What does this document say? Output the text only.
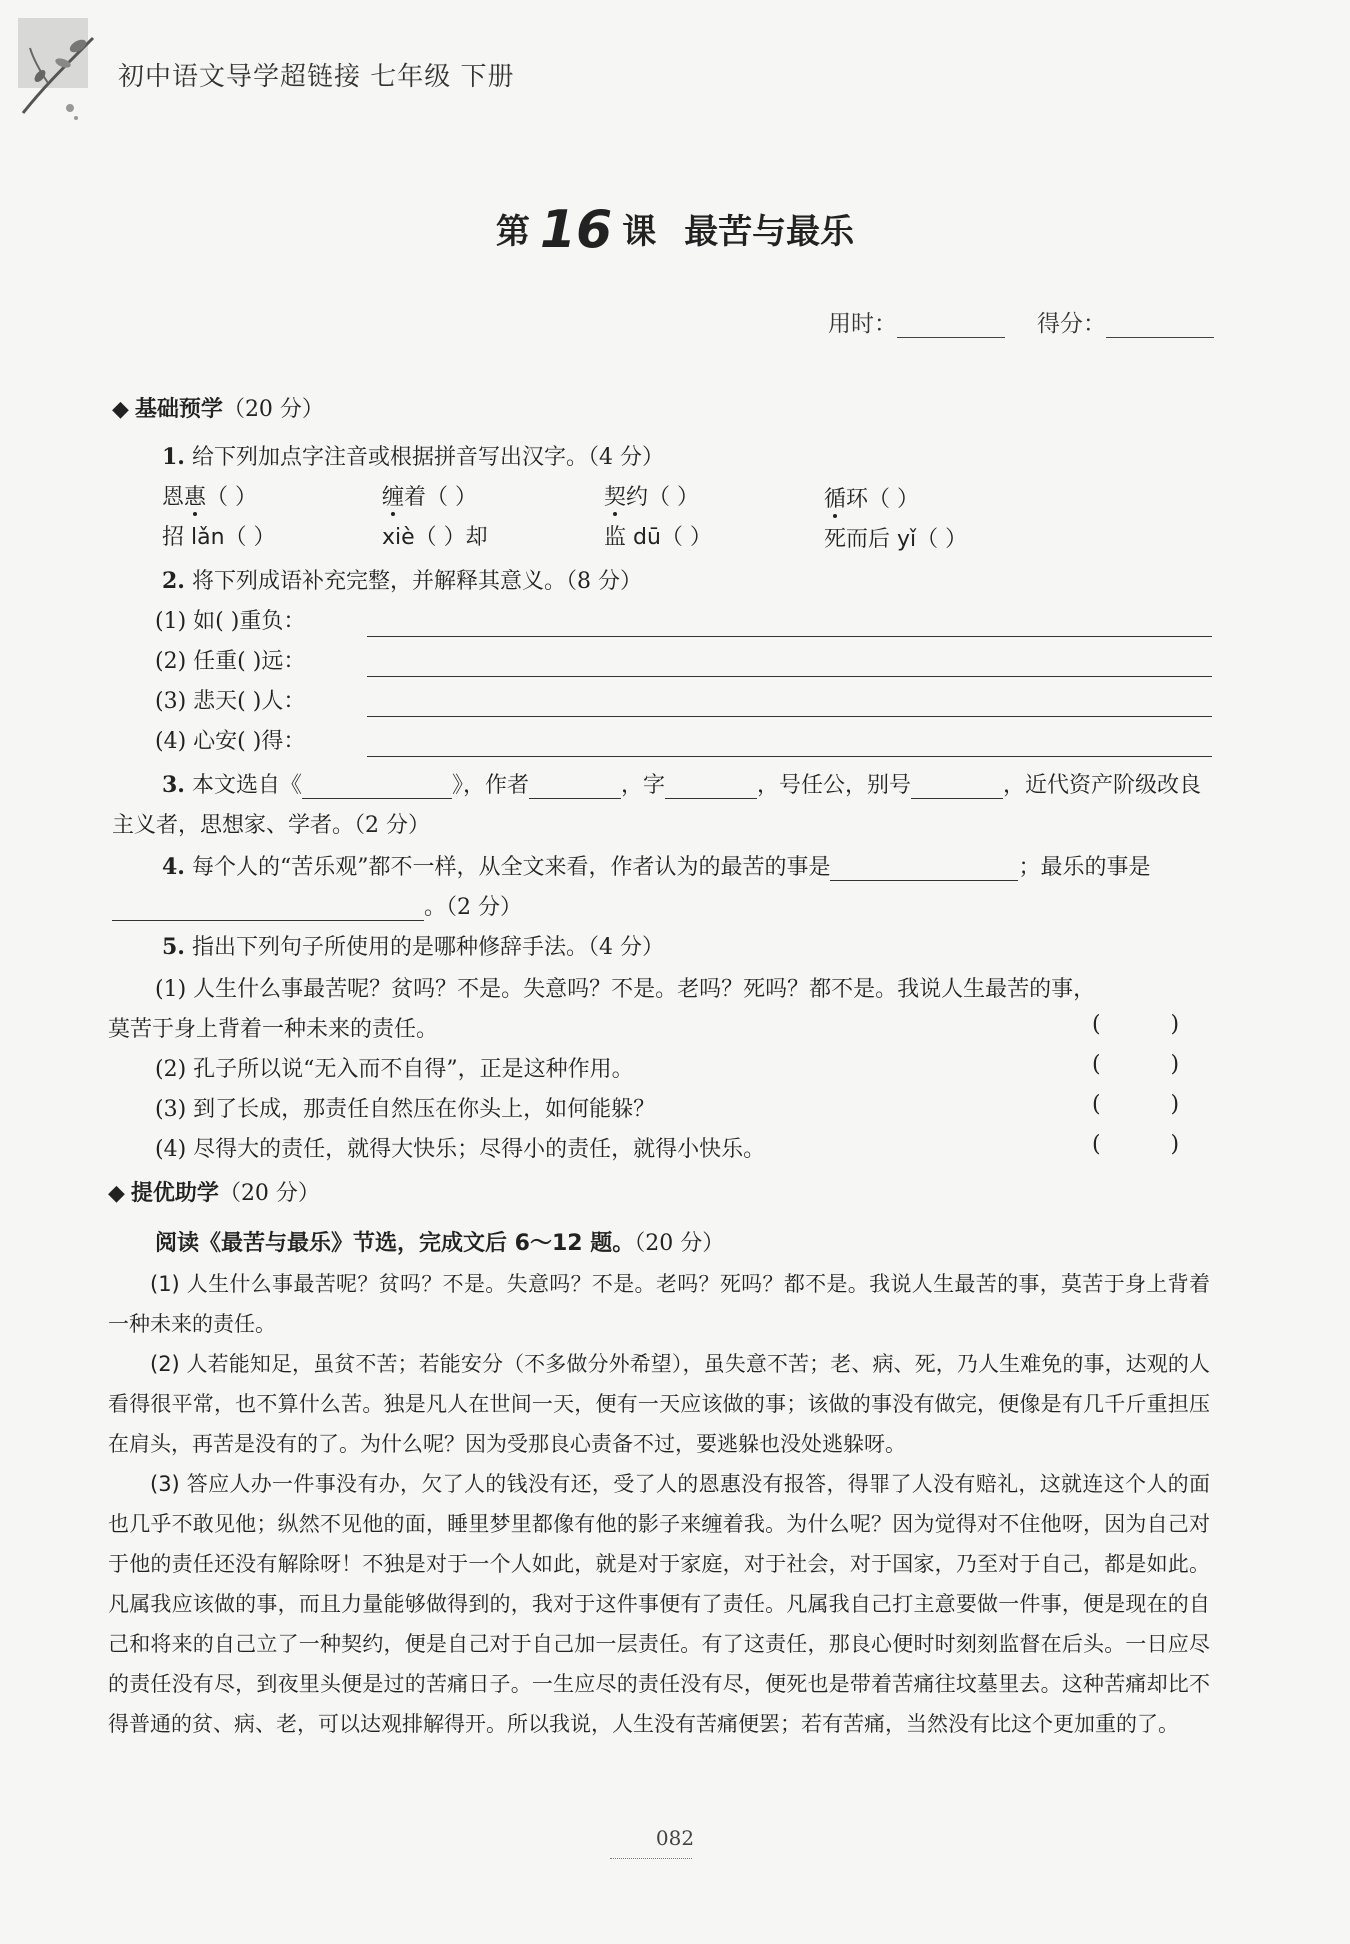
初中语文导学超链接 七年级 下册
第 16 课 最苦与最乐
用时：	得分：
◆ 基础预学（20 分）
1. 给下列加点字注音或根据拼音写出汉字。（4 分）
恩惠（ ）	缠着（ ）	契约（ ）	循环（ ）
招 lǎn（ ）	xiè（ ）却	监 dū（ ）	死而后 yǐ（ ）
2. 将下列成语补充完整，并解释其意义。（8 分）
(1) 如( )重负：
(2) 任重( )远：
(3) 悲天( )人：
(4) 心安( )得：
3. 本文选自《	》，作者	，字	，号任公，别号	，近代资产阶级改良
主义者，思想家、学者。（2 分）
4. 每个人的“苦乐观”都不一样，从全文来看，作者认为的最苦的事是	；最乐的事是
。（2 分）
5. 指出下列句子所使用的是哪种修辞手法。（4 分）
(1) 人生什么事最苦呢？贫吗？不是。失意吗？不是。老吗？死吗？都不是。我说人生最苦的事，
莫苦于身上背着一种未来的责任。	(          )
(2) 孔子所以说“无入而不自得”，正是这种作用。	(          )
(3) 到了长成，那责任自然压在你头上，如何能躲？	(          )
(4) 尽得大的责任，就得大快乐；尽得小的责任，就得小快乐。	(          )
◆ 提优助学（20 分）
阅读《最苦与最乐》节选，完成文后 6～12 题。（20 分）

(1) 人生什么事最苦呢？贫吗？不是。失意吗？不是。老吗？死吗？都不是。我说人生最苦的事，莫苦于身上背着一种未来的责任。

(2) 人若能知足，虽贫不苦；若能安分（不多做分外希望），虽失意不苦；老、病、死，乃人生难免的事，达观的人看得很平常，也不算什么苦。独是凡人在世间一天，便有一天应该做的事；该做的事没有做完，便像是有几千斤重担压在肩头，再苦是没有的了。为什么呢？因为受那良心责备不过，要逃躲也没处逃躲呀。

(3) 答应人办一件事没有办，欠了人的钱没有还，受了人的恩惠没有报答，得罪了人没有赔礼，这就连这个人的面也几乎不敢见他；纵然不见他的面，睡里梦里都像有他的影子来缠着我。为什么呢？因为觉得对不住他呀，因为自己对于他的责任还没有解除呀！不独是对于一个人如此，就是对于家庭，对于社会，对于国家，乃至对于自己，都是如此。凡属我应该做的事，而且力量能够做得到的，我对于这件事便有了责任。凡属我自己打主意要做一件事，便是现在的自己和将来的自己立了一种契约，便是自己对于自己加一层责任。有了这责任，那良心便时时刻刻监督在后头。一日应尽的责任没有尽，到夜里头便是过的苦痛日子。一生应尽的责任没有尽，便死也是带着苦痛往坟墓里去。这种苦痛却比不得普通的贫、病、老，可以达观排解得开。所以我说，人生没有苦痛便罢；若有苦痛，当然没有比这个更加重的了。

082
